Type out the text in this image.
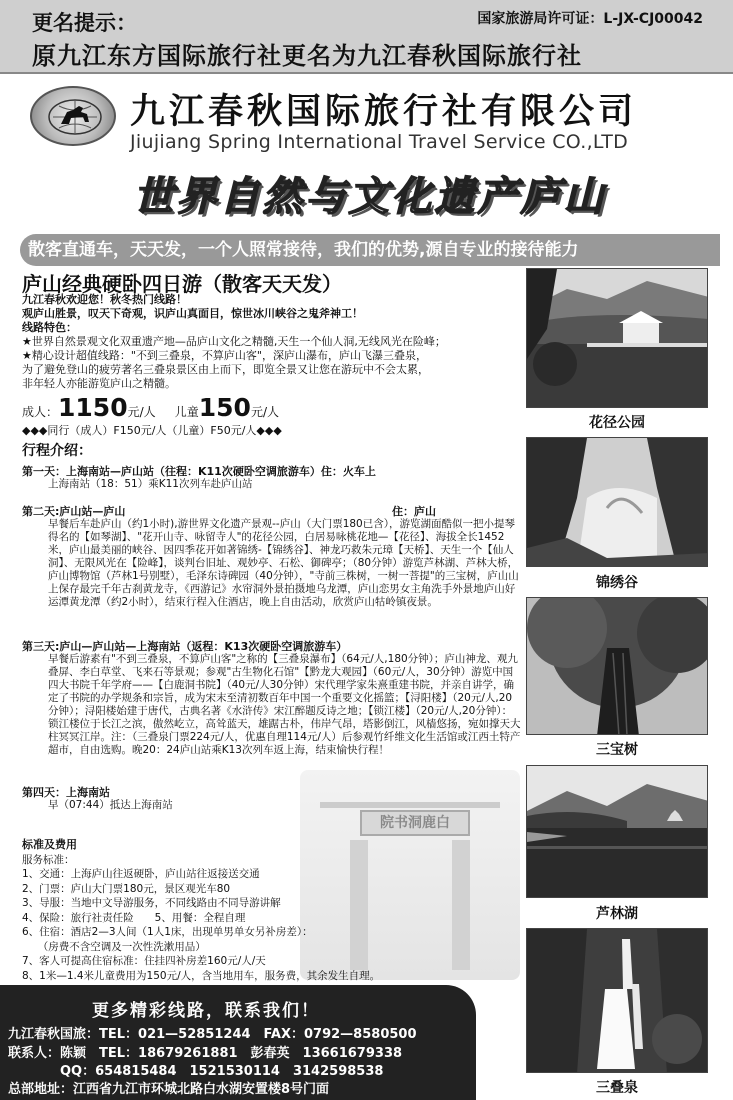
更名提示：	国家旅游局许可证：L-JX-CJ00042
原九江东方国际旅行社更名为九江春秋国际旅行社
九江春秋国际旅行社有限公司
Jiujiang Spring International Travel Service CO.,LTD
世界自然与文化遗产庐山
散客直通车，天天发，一个人照常接待，我们的优势,源自专业的接待能力
庐山经典硬卧四日游（散客天天发）
九江春秋欢迎您！秋冬热门线路！
观庐山胜景，叹天下奇观，识庐山真面目，惊世冰川峡谷之鬼斧神工！
线路特色：
★世界自然景观文化双重遗产地—品庐山文化之精髓,天生一个仙人洞,无线风光在险峰；
★精心设计超值线路："不到三叠泉，不算庐山客"，深庐山瀑布，庐山飞瀑三叠泉，
为了避免登山的疲劳著名三叠泉景区由上而下，即览全景又让您在游玩中不会太累，
非年轻人亦能游览庐山之精髓。
成人：1150元/人 儿童150元/人
◆◆◆同行（成人）F150元/人（儿童）F50元/人◆◆◆
行程介绍：

第一天：上海南站—庐山站（往程：K11次硬卧空调旅游车）住：火车上

上海南站（18：51）乘K11次列车赴庐山站

第二天:庐山站—庐山	住：庐山

早餐后车赴庐山（约1小时),游世界文化遗产景观--庐山（大门票180已含），游览湖面酷似一把小提琴得名的【如琴湖】、"花开山寺、咏留寺人"的花径公园，白居易咏桃花地—【花径】、海拔全长1452米，庐山最美丽的峡谷、因四季花开如著锦绣-【锦绣谷】、神龙巧救朱元璋【天桥】、天生一个【仙人洞】、无限风光在【险峰】，谈判台旧址、观妙亭、石松、御碑亭；（80分钟）游览芦林湖、芦林大桥，庐山博物馆（芦林1号别墅），毛泽东诗碑园（40分钟），"寺前三株树，一树一菩提"的三宝树，庐山山上保存最完千年古刹黄龙寺，《西游记》水帘洞外景拍摄地乌龙潭，庐山恋男女主角洗手外景地庐山好运潭黄龙潭（约2小时），结束行程入住酒店，晚上自由活动，欣赏庐山牯岭镇夜景。

第三天:庐山—庐山站—上海南站（返程：K13次硬卧空调旅游车）

早餐后游素有"不到三叠泉，不算庐山客"之称的【三叠泉瀑布】（64元/人,180分钟）；庐山神龙、观九叠屏、李白草堂、飞来石等景观；参观"古生物化石馆"【黔龙大观园】（60元/人，30分钟）游览中国四大书院千年学府——【白鹿洞书院】（40元/人30分钟）宋代理学家朱熹重建书院，并亲自讲学，确定了书院的办学规条和宗旨，成为宋末至清初数百年中国一个重要文化摇篮；【浔阳楼】（20元/人,20分钟）；浔阳楼始建于唐代，古典名著《水浒传》宋江醉题反诗之地；【锁江楼】（20元/人,20分钟）：锁江楼位于长江之滨，傲然屹立，高耸蓝天，雄踞古朴，伟岸气昂，塔影倒江，风樯悠扬，宛如撑天大柱冥冥江岸。注：（三叠泉门票224元/人，优惠自理114元/人）后参观竹纤维文化生活馆或江西土特产超市，自由选购。晚20：24庐山站乘K13次列车返上海，结束愉快行程！

院书洞鹿白

第四天：上海南站

早（07:44）抵达上海南站

标准及费用
服务标准：
1、交通：上海庐山往返硬卧，庐山站往返接送交通
2、门票：庐山大门票180元，景区观光车80
3、导服：当地中文导游服务，不同线路由不同导游讲解
4、保险：旅行社责任险　　5、用餐：全程自理
6、住宿：酒店2—3人间（1人1床，出现单男单女另补房差）：
　　（房费不含空调及一次性洗漱用品）
7、客人可提高住宿标准：住挂四补房差160元/人/天
8、1米—1.4米儿童费用为150元/人，含当地用车，服务费，其余发生自理。
更多精彩线路，联系我们！
九江春秋国旅：TEL：021—52851244　FAX：0792—8580500
联系人：陈颖　TEL：18679261881　彭春英　13661679338
　　　　QQ：654815484　1521530114　3142598538
总部地址：江西省九江市环城北路白水湖安置楼8号门面
花径公园
锦绣谷
三宝树
芦林湖
三叠泉
